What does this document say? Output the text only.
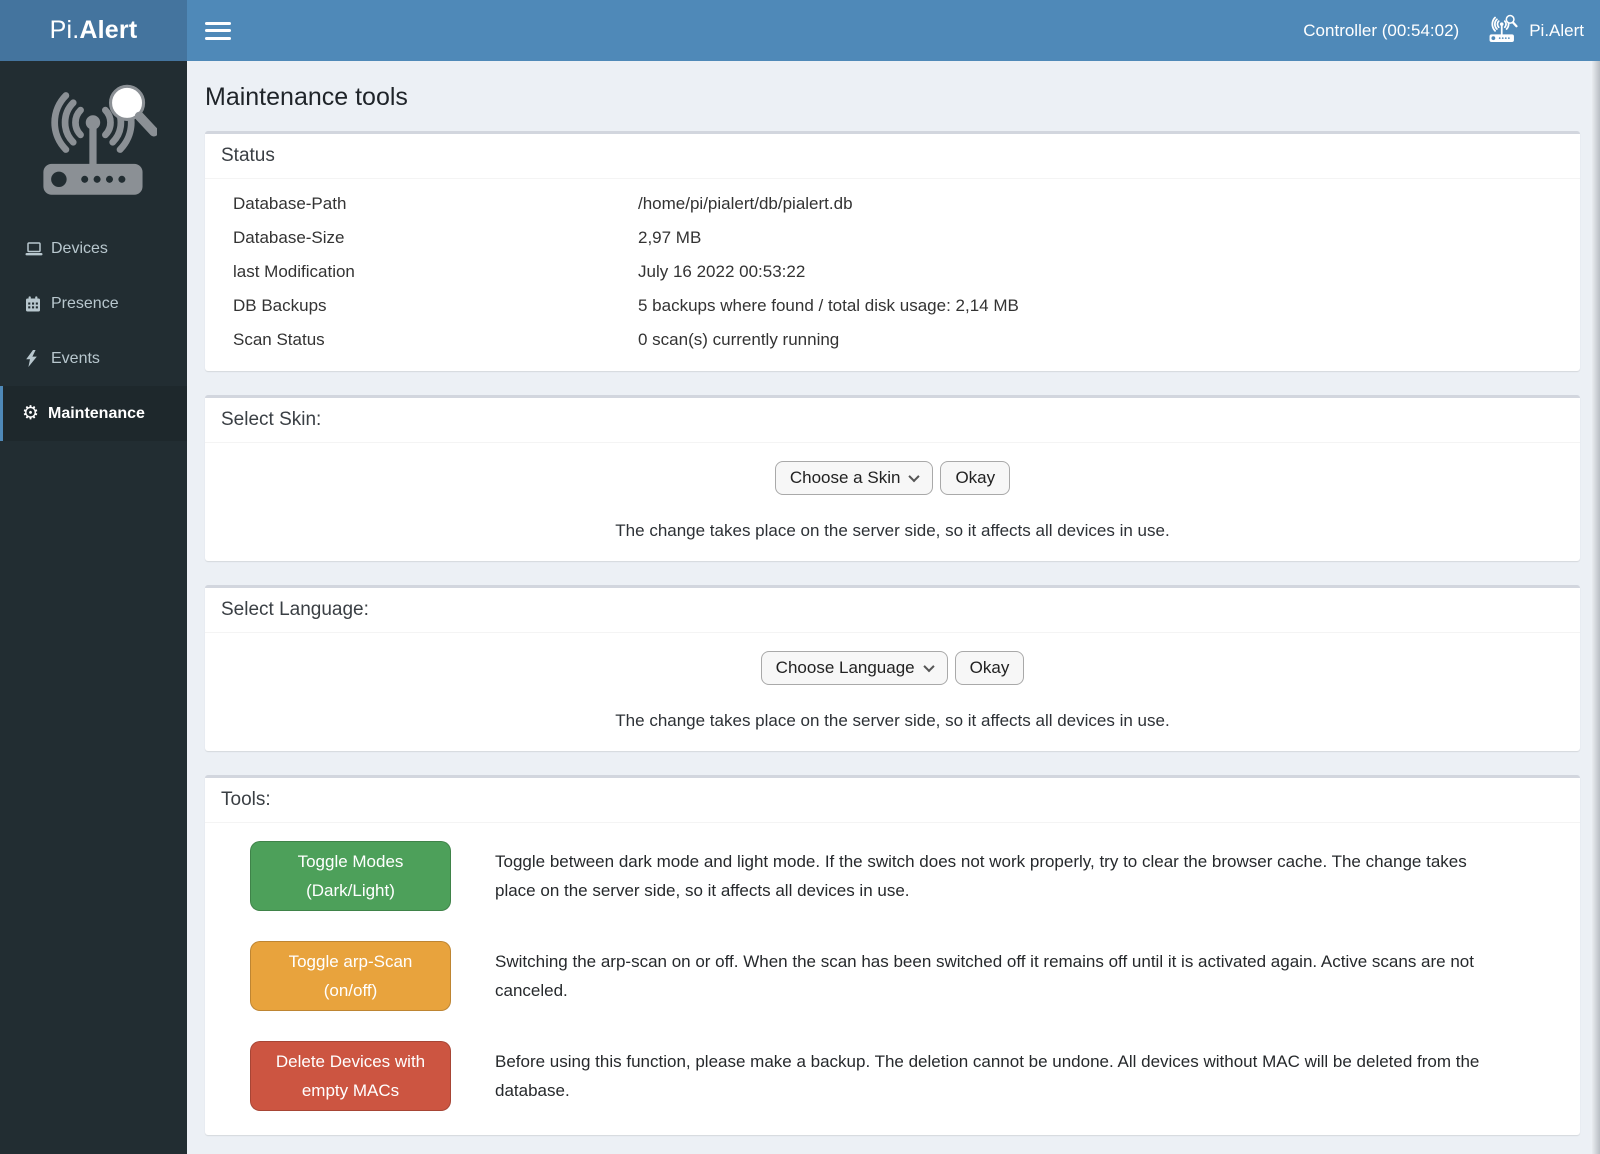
Pi. Alert	Controller (00:54:02)	Pi.Alert
Devices
Presence
Events
⚙ Maintenance
Maintenance tools
Status
Database-Path	/home/pi/pialert/db/pialert.db
Database-Size	2,97 MB
last Modification	July 16 2022 00:53:22
DB Backups	5 backups where found / total disk usage: 2,14 MB
Scan Status	0 scan(s) currently running
Select Skin:
Choose a Skin	Okay
The change takes place on the server side, so it affects all devices in use.
Select Language:
Choose Language	Okay
The change takes place on the server side, so it affects all devices in use.
Tools:
Toggle Modes
(Dark/Light)
Toggle between dark mode and light mode. If the switch does not work properly, try to clear the browser cache. The change takes place on the server side, so it affects all devices in use.
Toggle arp-Scan
(on/off)
Switching the arp-scan on or off. When the scan has been switched off it remains off until it is activated again. Active scans are not canceled.
Delete Devices with
empty MACs
Before using this function, please make a backup. The deletion cannot be undone. All devices without MAC will be deleted from the database.
